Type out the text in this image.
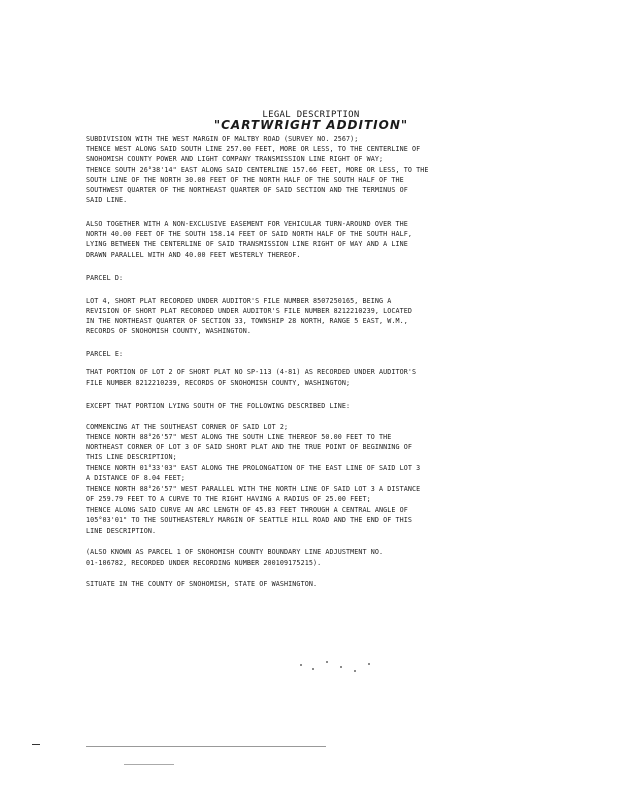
LEGAL DESCRIPTION
"CARTWRIGHT ADDITION"
SUBDIVISION WITH THE WEST MARGIN OF MALTBY ROAD (SURVEY NO. 2567);
THENCE WEST ALONG SAID SOUTH LINE 257.00 FEET, MORE OR LESS, TO THE CENTERLINE OF
SNOHOMISH COUNTY POWER AND LIGHT COMPANY TRANSMISSION LINE RIGHT OF WAY;
THENCE SOUTH 26°38'14" EAST ALONG SAID CENTERLINE 157.66 FEET, MORE OR LESS, TO THE
SOUTH LINE OF THE NORTH 30.00 FEET OF THE NORTH HALF OF THE SOUTH HALF OF THE
SOUTHWEST QUARTER OF THE NORTHEAST QUARTER OF SAID SECTION AND THE TERMINUS OF
SAID LINE.
ALSO TOGETHER WITH A NON-EXCLUSIVE EASEMENT FOR VEHICULAR TURN-AROUND OVER THE
NORTH 40.00 FEET OF THE SOUTH 158.14 FEET OF SAID NORTH HALF OF THE SOUTH HALF,
LYING BETWEEN THE CENTERLINE OF SAID TRANSMISSION LINE RIGHT OF WAY AND A LINE
DRAWN PARALLEL WITH AND 40.00 FEET WESTERLY THEREOF.
PARCEL D:
LOT 4, SHORT PLAT RECORDED UNDER AUDITOR'S FILE NUMBER 8507250165, BEING A
REVISION OF SHORT PLAT RECORDED UNDER AUDITOR'S FILE NUMBER 8212210239, LOCATED
IN THE NORTHEAST QUARTER OF SECTION 33, TOWNSHIP 28 NORTH, RANGE 5 EAST, W.M.,
RECORDS OF SNOHOMISH COUNTY, WASHINGTON.
PARCEL E:
THAT PORTION OF LOT 2 OF SHORT PLAT NO SP-113 (4-81) AS RECORDED UNDER AUDITOR'S
FILE NUMBER 8212210239, RECORDS OF SNOHOMISH COUNTY, WASHINGTON;
EXCEPT THAT PORTION LYING SOUTH OF THE FOLLOWING DESCRIBED LINE:
COMMENCING AT THE SOUTHEAST CORNER OF SAID LOT 2;
THENCE NORTH 88°26'57" WEST ALONG THE SOUTH LINE THEREOF 50.00 FEET TO THE
NORTHEAST CORNER OF LOT 3 OF SAID SHORT PLAT AND THE TRUE POINT OF BEGINNING OF
THIS LINE DESCRIPTION;
THENCE NORTH 01°33'03" EAST ALONG THE PROLONGATION OF THE EAST LINE OF SAID LOT 3
A DISTANCE OF 8.04 FEET;
THENCE NORTH 88°26'57" WEST PARALLEL WITH THE NORTH LINE OF SAID LOT 3 A DISTANCE
OF 259.79 FEET TO A CURVE TO THE RIGHT HAVING A RADIUS OF 25.00 FEET;
THENCE ALONG SAID CURVE AN ARC LENGTH OF 45.83 FEET THROUGH A CENTRAL ANGLE OF
105°03'01" TO THE SOUTHEASTERLY MARGIN OF SEATTLE HILL ROAD AND THE END OF THIS
LINE DESCRIPTION.
(ALSO KNOWN AS PARCEL 1 OF SNOHOMISH COUNTY BOUNDARY LINE ADJUSTMENT NO.
01-106782, RECORDED UNDER RECORDING NUMBER 200109175215).
SITUATE IN THE COUNTY OF SNOHOMISH, STATE OF WASHINGTON.
